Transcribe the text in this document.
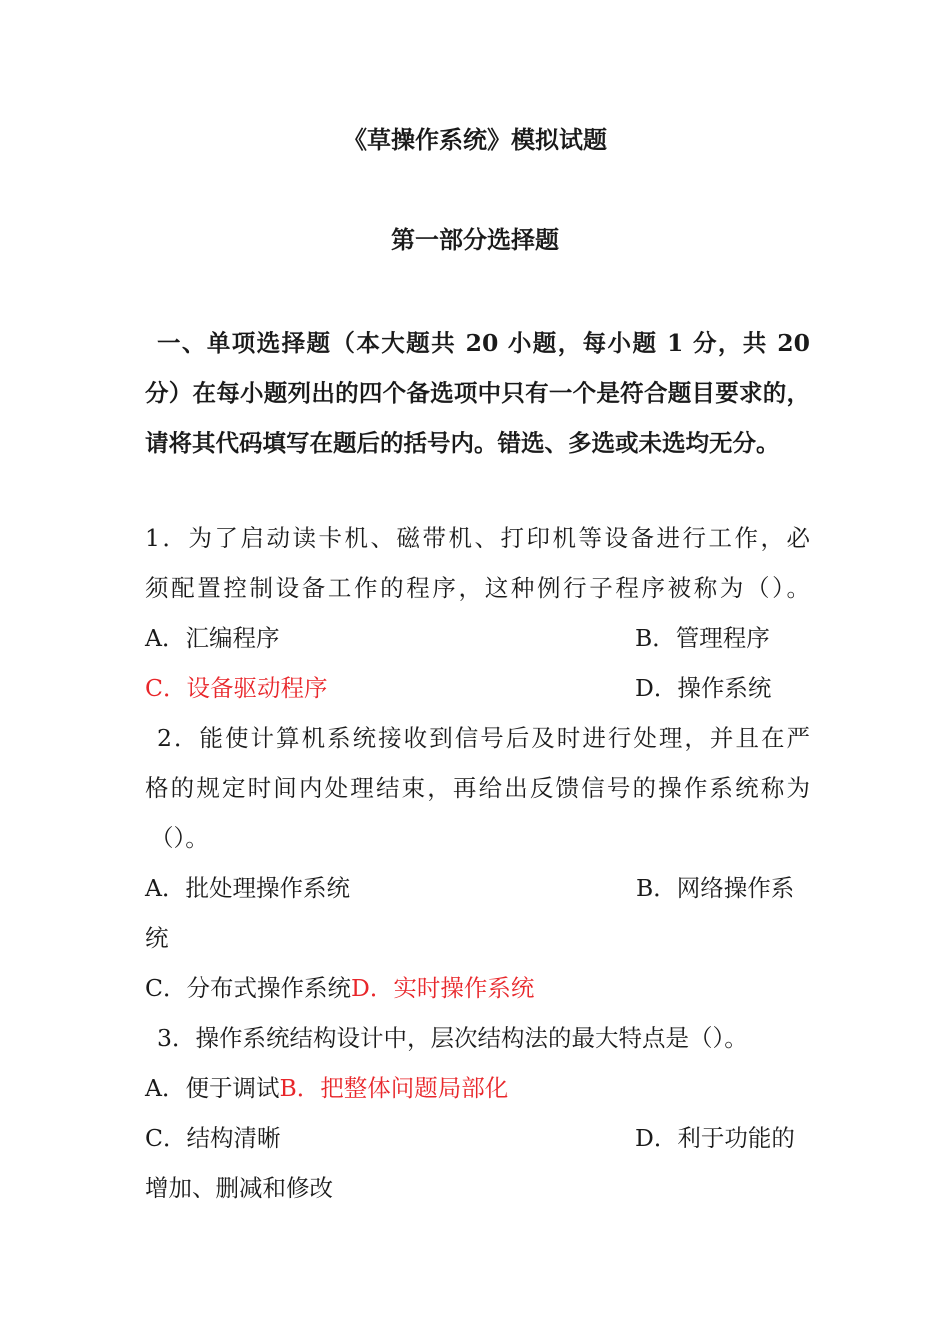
《草操作系统》模拟试题
第一部分选择题
一、单项选择题（本大题共 20 小题，每小题 1 分，共 20 分）在每小题列出的四个备选项中只有一个是符合题目要求的，请将其代码填写在题后的括号内。错选、多选或未选均无分。
1．为了启动读卡机、磁带机、打印机等设备进行工作，必
须配置控制设备工作的程序，这种例行子程序被称为（）。
A．汇编程序	B．管理程序
C．设备驱动程序	D．操作系统
2．能使计算机系统接收到信号后及时进行处理，并且在严
格的规定时间内处理结束，再给出反馈信号的操作系统称为
（）。
A．批处理操作系统	B．网络操作系
统
C．分布式操作系统D．实时操作系统
3．操作系统结构设计中，层次结构法的最大特点是（）。
A．便于调试B．把整体问题局部化
C．结构清晰	D．利于功能的
增加、删减和修改
